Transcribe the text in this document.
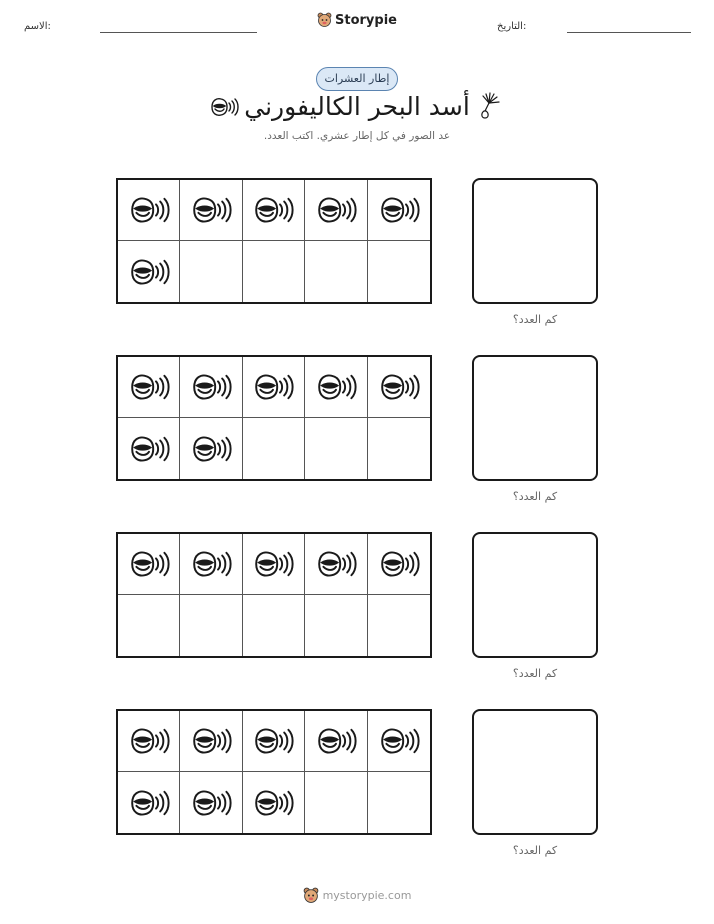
الاسم:	Storypie	التاريخ:
إطار العشرات
أسد البحر الكاليفورني
عد الصور في كل إطار عشري. اكتب العدد.
كم العدد؟
كم العدد؟
كم العدد؟
كم العدد؟
mystorypie.com
